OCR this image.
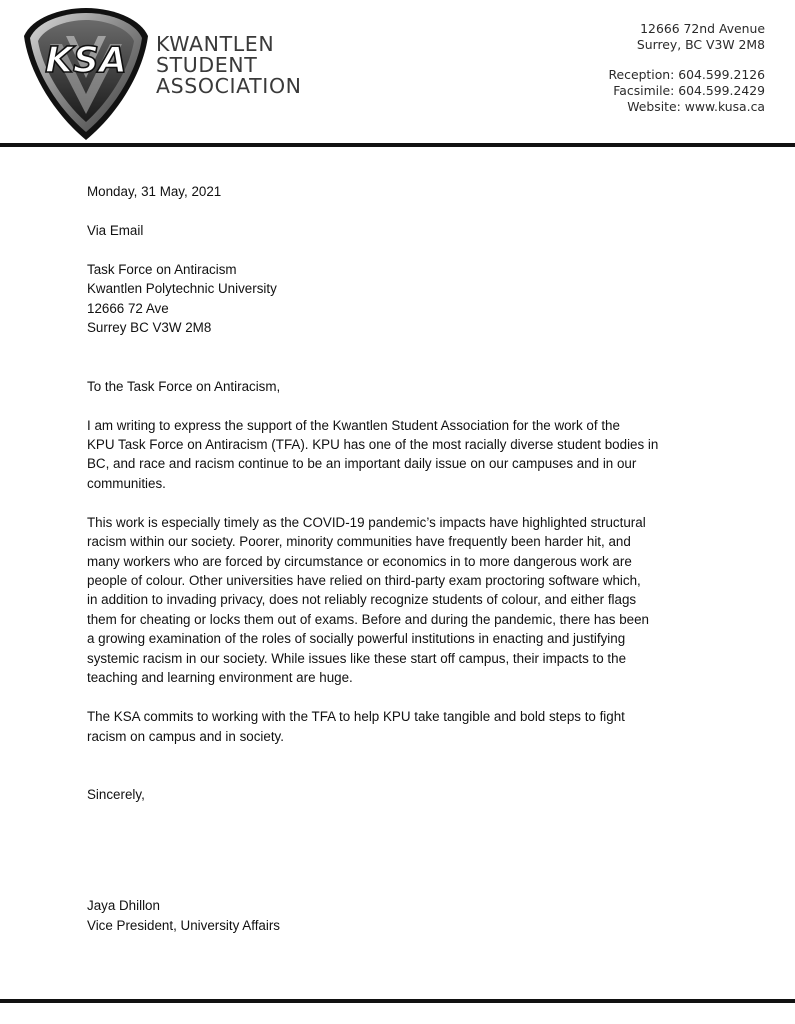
KSA KWANTLEN
STUDENT
ASSOCIATION
12666 72nd Avenue
Surrey, BC V3W 2M8
Reception: 604.599.2126
Facsimile: 604.599.2429
Website: www.kusa.ca

Monday, 31 May, 2021

Via Email

Task Force on Antiracism
Kwantlen Polytechnic University
12666 72 Ave
Surrey BC V3W 2M8

To the Task Force on Antiracism,

I am writing to express the support of the Kwantlen Student Association for the work of the
KPU Task Force on Antiracism (TFA). KPU has one of the most racially diverse student bodies in
BC, and race and racism continue to be an important daily issue on our campuses and in our
communities.
This work is especially timely as the COVID-19 pandemic’s impacts have highlighted structural
racism within our society. Poorer, minority communities have frequently been harder hit, and
many workers who are forced by circumstance or economics in to more dangerous work are
people of colour. Other universities have relied on third-party exam proctoring software which,
in addition to invading privacy, does not reliably recognize students of colour, and either flags
them for cheating or locks them out of exams. Before and during the pandemic, there has been
a growing examination of the roles of socially powerful institutions in enacting and justifying
systemic racism in our society. While issues like these start off campus, their impacts to the
teaching and learning environment are huge.
The KSA commits to working with the TFA to help KPU take tangible and bold steps to fight
racism on campus and in society.

Sincerely,

Jaya Dhillon
Vice President, University Affairs
